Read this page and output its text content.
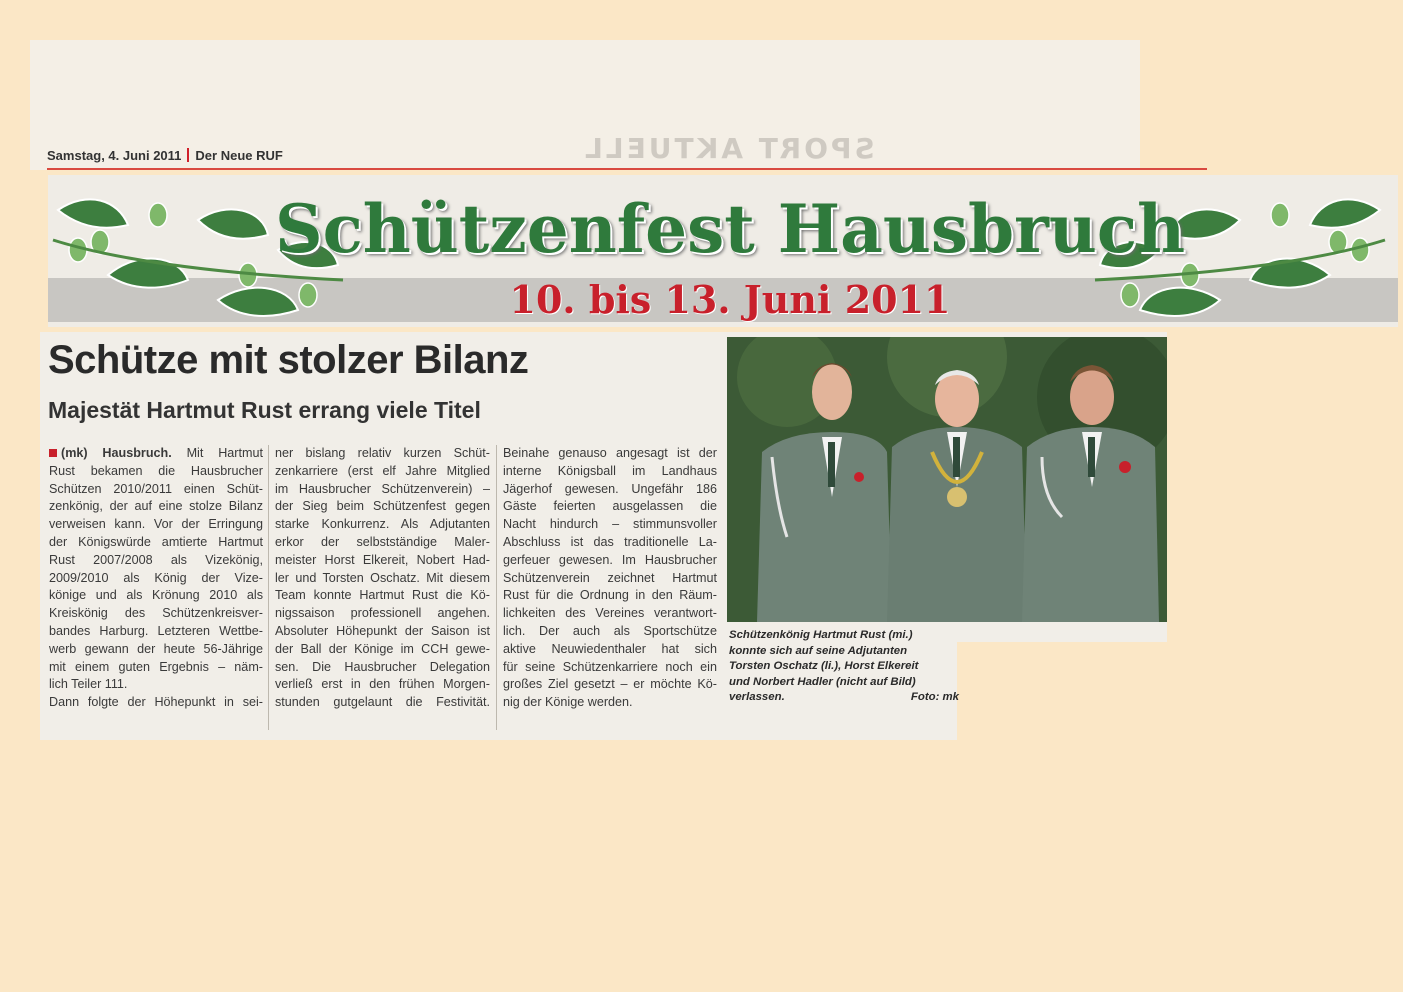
SPORT AKTUELL
Samstag, 4. Juni 2011 Der Neue RUF
Schützenfest Hausbruch
10. bis 13. Juni 2011
Schütze mit stolzer Bilanz
Majestät Hartmut Rust errang viele Titel

(mk) Hausbruch. Mit Hartmut

Rust bekamen die Hausbrucher

Schützen 2010/2011 einen Schüt-

zenkönig, der auf eine stolze Bilanz

verweisen kann. Vor der Erringung

der Königswürde amtierte Hartmut

Rust 2007/2008 als Vizekönig,

2009/2010 als König der Vize-

könige und als Krönung 2010 als

Kreiskönig des Schützenkreisver-

bandes Harburg. Letzteren Wettbe-

werb gewann der heute 56-Jährige

mit einem guten Ergebnis – näm-

lich Teiler 111.

Dann folgte der Höhepunkt in sei-

ner bislang relativ kurzen Schüt-

zenkarriere (erst elf Jahre Mitglied

im Hausbrucher Schützenverein) –

der Sieg beim Schützenfest gegen

starke Konkurrenz. Als Adjutanten

erkor der selbstständige Maler-

meister Horst Elkereit, Nobert Had-

ler und Torsten Oschatz. Mit diesem

Team konnte Hartmut Rust die Kö-

nigssaison professionell angehen.

Absoluter Höhepunkt der Saison ist

der Ball der Könige im CCH gewe-

sen. Die Hausbrucher Delegation

verließ erst in den frühen Morgen-

stunden gutgelaunt die Festivität.

Beinahe genauso angesagt ist der

interne Königsball im Landhaus

Jägerhof gewesen. Ungefähr 186

Gäste feierten ausgelassen die

Nacht hindurch – stimmunsvoller

Abschluss ist das traditionelle La-

gerfeuer gewesen. Im Hausbrucher

Schützenverein zeichnet Hartmut

Rust für die Ordnung in den Räum-

lichkeiten des Vereines verantwort-

lich. Der auch als Sportschütze

aktive Neuwiedenthaler hat sich

für seine Schützenkarriere noch ein

großes Ziel gesetzt – er möchte Kö-

nig der Könige werden.

Schützenkönig Hartmut Rust (mi.)

konnte sich auf seine Adjutanten

Torsten Oschatz (li.), Horst Elkereit

und Norbert Hadler (nicht auf Bild)

verlassen.	Foto: mk
